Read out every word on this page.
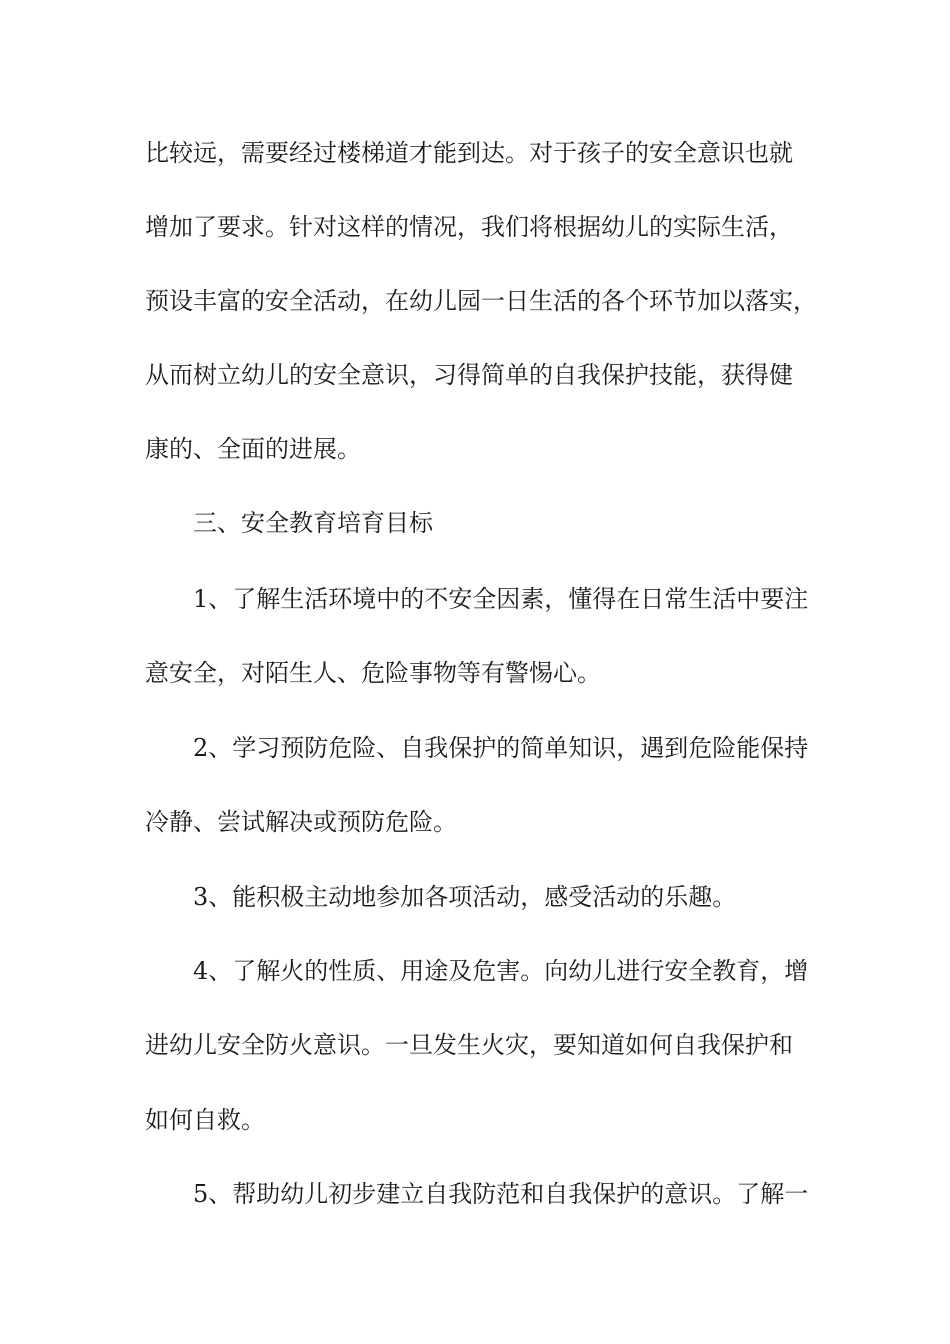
比较远，需要经过楼梯道才能到达。对于孩子的安全意识也就
增加了要求。针对这样的情况，我们将根据幼儿的实际生活，
预设丰富的安全活动，在幼儿园一日生活的各个环节加以落实，
从而树立幼儿的安全意识，习得简单的自我保护技能，获得健
康的、全面的进展。
三、安全教育培育目标
1、了解生活环境中的不安全因素，懂得在日常生活中要注
意安全，对陌生人、危险事物等有警惕心。
2、学习预防危险、自我保护的简单知识，遇到危险能保持
冷静、尝试解决或预防危险。
3、能积极主动地参加各项活动，感受活动的乐趣。
4、了解火的性质、用途及危害。向幼儿进行安全教育，增
进幼儿安全防火意识。一旦发生火灾，要知道如何自我保护和
如何自救。
5、帮助幼儿初步建立自我防范和自我保护的意识。了解一
